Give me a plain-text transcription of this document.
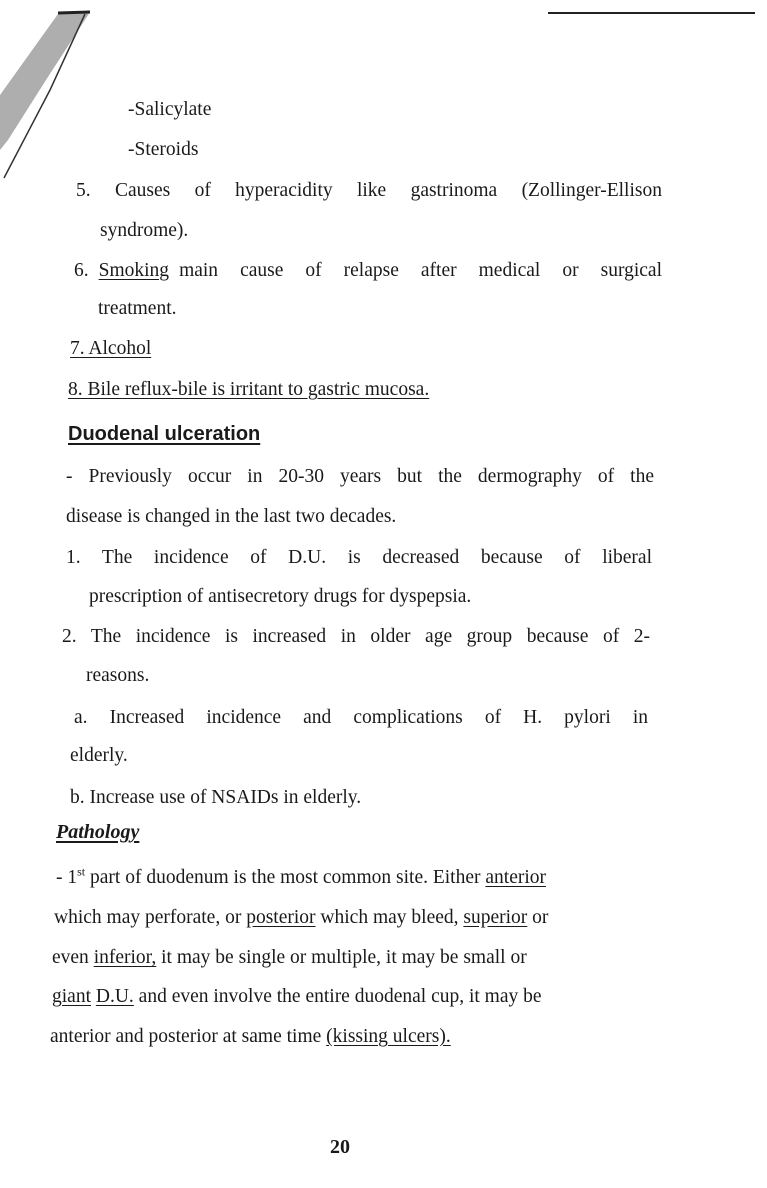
-Salicylate
-Steroids
5. Causes of hyperacidity like gastrinoma (Zollinger-Ellison
syndrome).
6. Smoking main cause of relapse after medical or surgical
treatment.
7. Alcohol
8. Bile reflux-bile is irritant to gastric mucosa.
Duodenal ulceration
- Previously occur in 20-30 years but the dermography of the
disease is changed in the last two decades.
1. The incidence of D.U. is decreased because of liberal
prescription of antisecretory drugs for dyspepsia.
2. The incidence is increased in older age group because of 2-
reasons.
a. Increased incidence and complications of H. pylori in
elderly.
b. Increase use of NSAIDs in elderly.
Pathology
- 1st part of duodenum is the most common site. Either anterior
which may perforate, or posterior which may bleed, superior or
even inferior, it may be single or multiple, it may be small or
giant D.U. and even involve the entire duodenal cup, it may be
anterior and posterior at same time (kissing ulcers).
20
